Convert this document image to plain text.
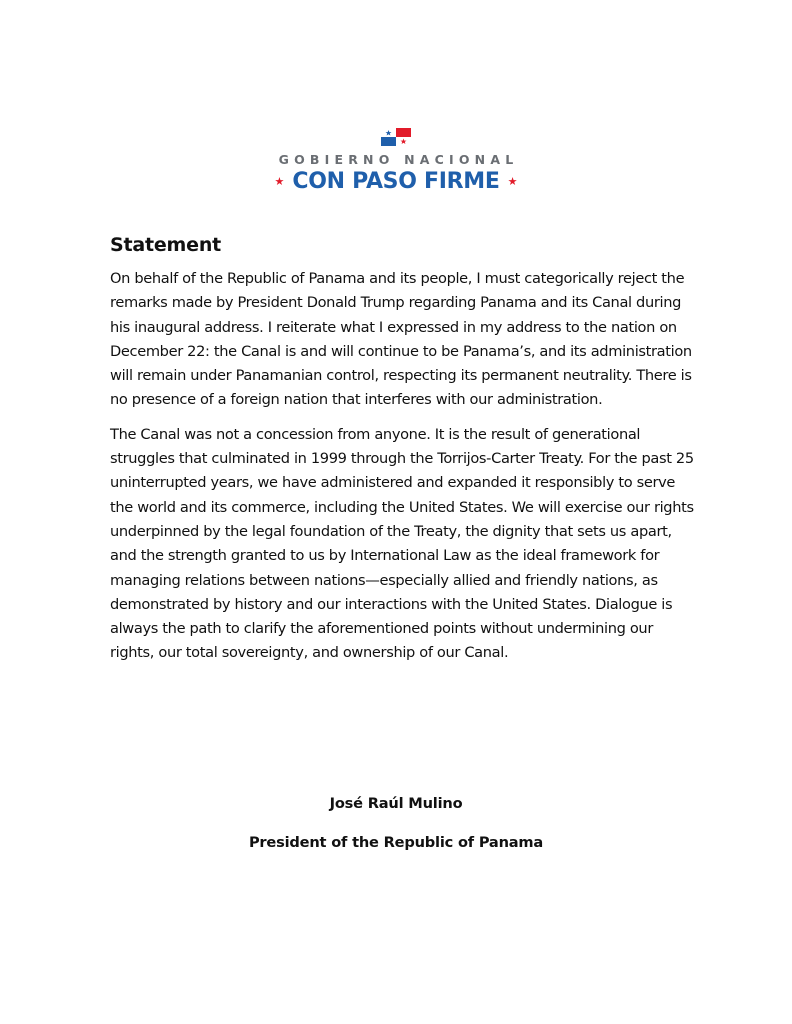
GOBIERNO NACIONAL
★ CON PASO FIRME ★
Statement

On behalf of the Republic of Panama and its people, I must categorically reject the remarks made by President Donald Trump regarding Panama and its Canal during his inaugural address. I reiterate what I expressed in my address to the nation on December 22: the Canal is and will continue to be Panama’s, and its administration will remain under Panamanian control, respecting its permanent neutrality. There is no presence of a foreign nation that interferes with our administration.

The Canal was not a concession from anyone. It is the result of generational struggles that culminated in 1999 through the Torrijos-Carter Treaty. For the past 25 uninterrupted years, we have administered and expanded it responsibly to serve the world and its commerce, including the United States. We will exercise our rights underpinned by the legal foundation of the Treaty, the dignity that sets us apart, and the strength granted to us by International Law as the ideal framework for managing relations between nations—especially allied and friendly nations, as demonstrated by history and our interactions with the United States. Dialogue is always the path to clarify the aforementioned points without undermining our rights, our total sovereignty, and ownership of our Canal.

José Raúl Mulino
President of the Republic of Panama
